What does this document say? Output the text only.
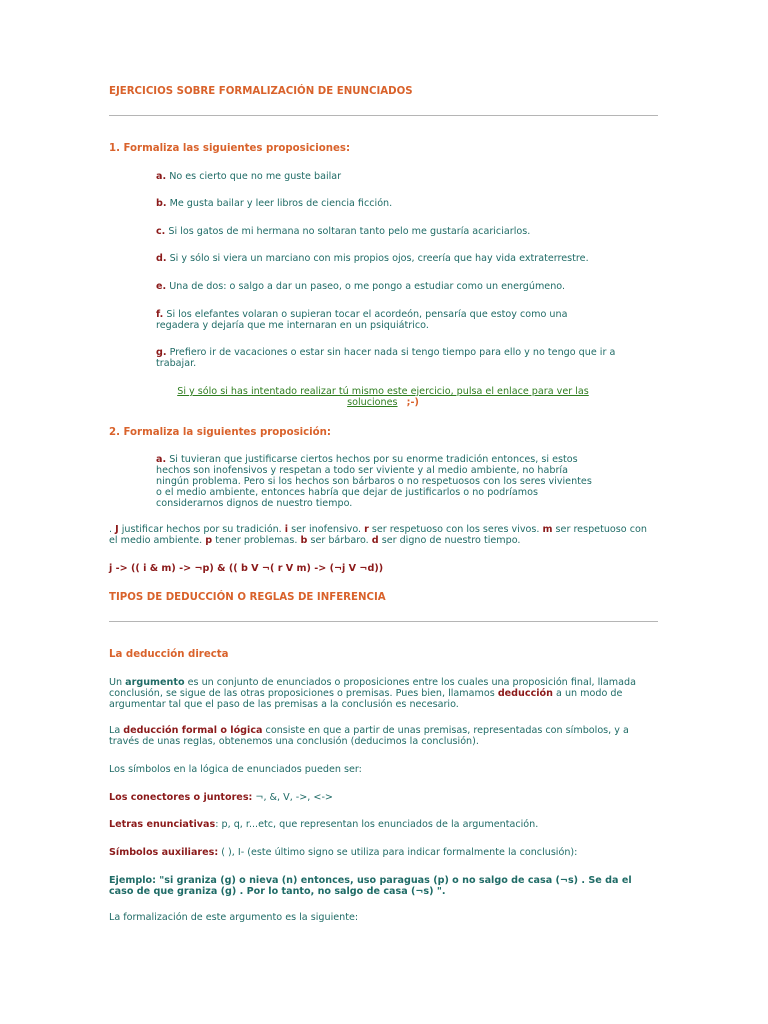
EJERCICIOS SOBRE FORMALIZACIÓN DE ENUNCIADOS
1. Formaliza las siguientes proposiciones:
a. No es cierto que no me guste bailar
b. Me gusta bailar y leer libros de ciencia ficción.
c. Si los gatos de mi hermana no soltaran tanto pelo me gustaría acariciarlos.
d. Si y sólo si viera un marciano con mis propios ojos, creería que hay vida extraterrestre.
e. Una de dos: o salgo a dar un paseo, o me pongo a estudiar como un energúmeno.
f. Si los elefantes volaran o supieran tocar el acordeón, pensaría que estoy como una regadera y dejaría que me internaran en un psiquiátrico.
g. Prefiero ir de vacaciones o estar sin hacer nada si tengo tiempo para ello y no tengo que ir a trabajar.
Si y sólo si has intentado realizar tú mismo este ejercicio, pulsa el enlace para ver las soluciones ;-)
2. Formaliza la siguientes proposición:
a. Si tuvieran que justificarse ciertos hechos por su enorme tradición entonces, si estos hechos son inofensivos y respetan a todo ser viviente y al medio ambiente, no habría ningún problema. Pero si los hechos son bárbaros o no respetuosos con los seres vivientes o el medio ambiente, entonces habría que dejar de justificarlos o no podríamos considerarnos dignos de nuestro tiempo.
. J justificar hechos por su tradición. i ser inofensivo. r ser respetuoso con los seres vivos. m ser respetuoso con el medio ambiente. p tener problemas. b ser bárbaro. d ser digno de nuestro tiempo.
j -> (( i & m) -> ¬p) & (( b V ¬( r V m) -> (¬j V ¬d))
TIPOS DE DEDUCCIÓN O REGLAS DE INFERENCIA
La deducción directa
Un argumento es un conjunto de enunciados o proposiciones entre los cuales una proposición final, llamada conclusión, se sigue de las otras proposiciones o premisas. Pues bien, llamamos deducción a un modo de argumentar tal que el paso de las premisas a la conclusión es necesario.
La deducción formal o lógica consiste en que a partir de unas premisas, representadas con símbolos, y a través de unas reglas, obtenemos una conclusión (deducimos la conclusión).
Los símbolos en la lógica de enunciados pueden ser:
Los conectores o juntores: ¬, &, V, ->, <->
Letras enunciativas: p, q, r...etc, que representan los enunciados de la argumentación.
Símbolos auxiliares: ( ), I- (este último signo se utiliza para indicar formalmente la conclusión):
Ejemplo: "si graniza (g) o nieva (n) entonces, uso paraguas (p) o no salgo de casa (¬s) . Se da el caso de que graniza (g) . Por lo tanto, no salgo de casa (¬s) ".
La formalización de este argumento es la siguiente:
